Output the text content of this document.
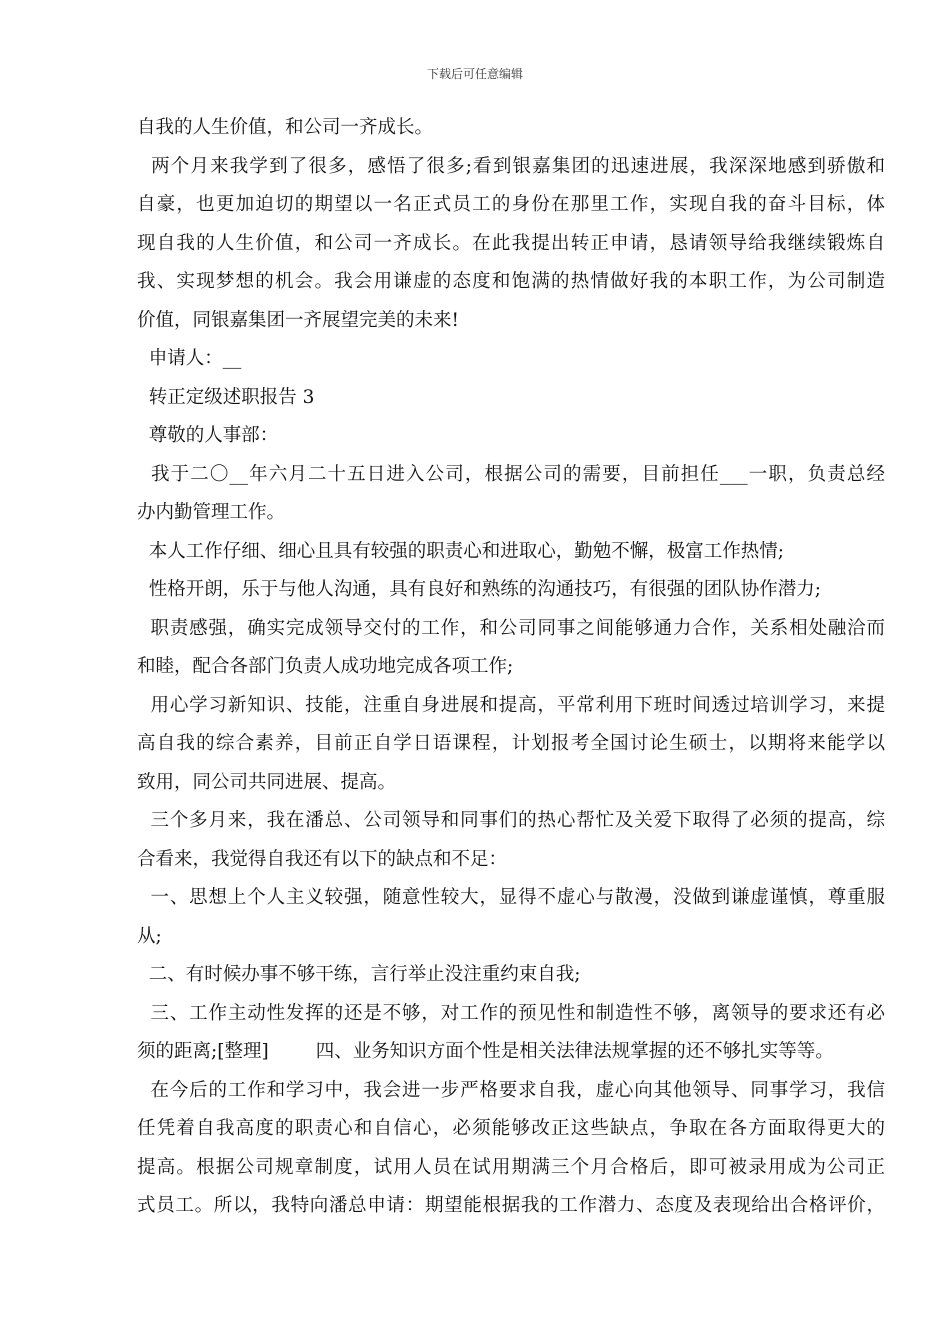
下载后可任意编辑
自我的人生价值，和公司一齐成长。
两个月来我学到了很多，感悟了很多;看到银嘉集团的迅速进展，我深深地感到骄傲和
自豪，也更加迫切的期望以一名正式员工的身份在那里工作，实现自我的奋斗目标，体
现自我的人生价值，和公司一齐成长。在此我提出转正申请，恳请领导给我继续锻炼自
我、实现梦想的机会。我会用谦虚的态度和饱满的热情做好我的本职工作，为公司制造
价值，同银嘉集团一齐展望完美的未来!
申请人：__
转正定级述职报告 3
尊敬的人事部：
我于二〇__年六月二十五日进入公司，根据公司的需要，目前担任___一职，负责总经
办内勤管理工作。
本人工作仔细、细心且具有较强的职责心和进取心，勤勉不懈，极富工作热情;
性格开朗，乐于与他人沟通，具有良好和熟练的沟通技巧，有很强的团队协作潜力;
职责感强，确实完成领导交付的工作，和公司同事之间能够通力合作，关系相处融洽而
和睦，配合各部门负责人成功地完成各项工作;
用心学习新知识、技能，注重自身进展和提高，平常利用下班时间透过培训学习，来提
高自我的综合素养，目前正自学日语课程，计划报考全国讨论生硕士，以期将来能学以
致用，同公司共同进展、提高。
三个多月来，我在潘总、公司领导和同事们的热心帮忙及关爱下取得了必须的提高，综
合看来，我觉得自我还有以下的缺点和不足：
一、思想上个人主义较强，随意性较大，显得不虚心与散漫，没做到谦虚谨慎，尊重服
从;
二、有时候办事不够干练，言行举止没注重约束自我;
三、工作主动性发挥的还是不够，对工作的预见性和制造性不够，离领导的要求还有必
须的距离;[整理]        四、业务知识方面个性是相关法律法规掌握的还不够扎实等等。
在今后的工作和学习中，我会进一步严格要求自我，虚心向其他领导、同事学习，我信
任凭着自我高度的职责心和自信心，必须能够改正这些缺点，争取在各方面取得更大的
提高。根据公司规章制度，试用人员在试用期满三个月合格后，即可被录用成为公司正
式员工。所以，我特向潘总申请：期望能根据我的工作潜力、态度及表现给出合格评价，
